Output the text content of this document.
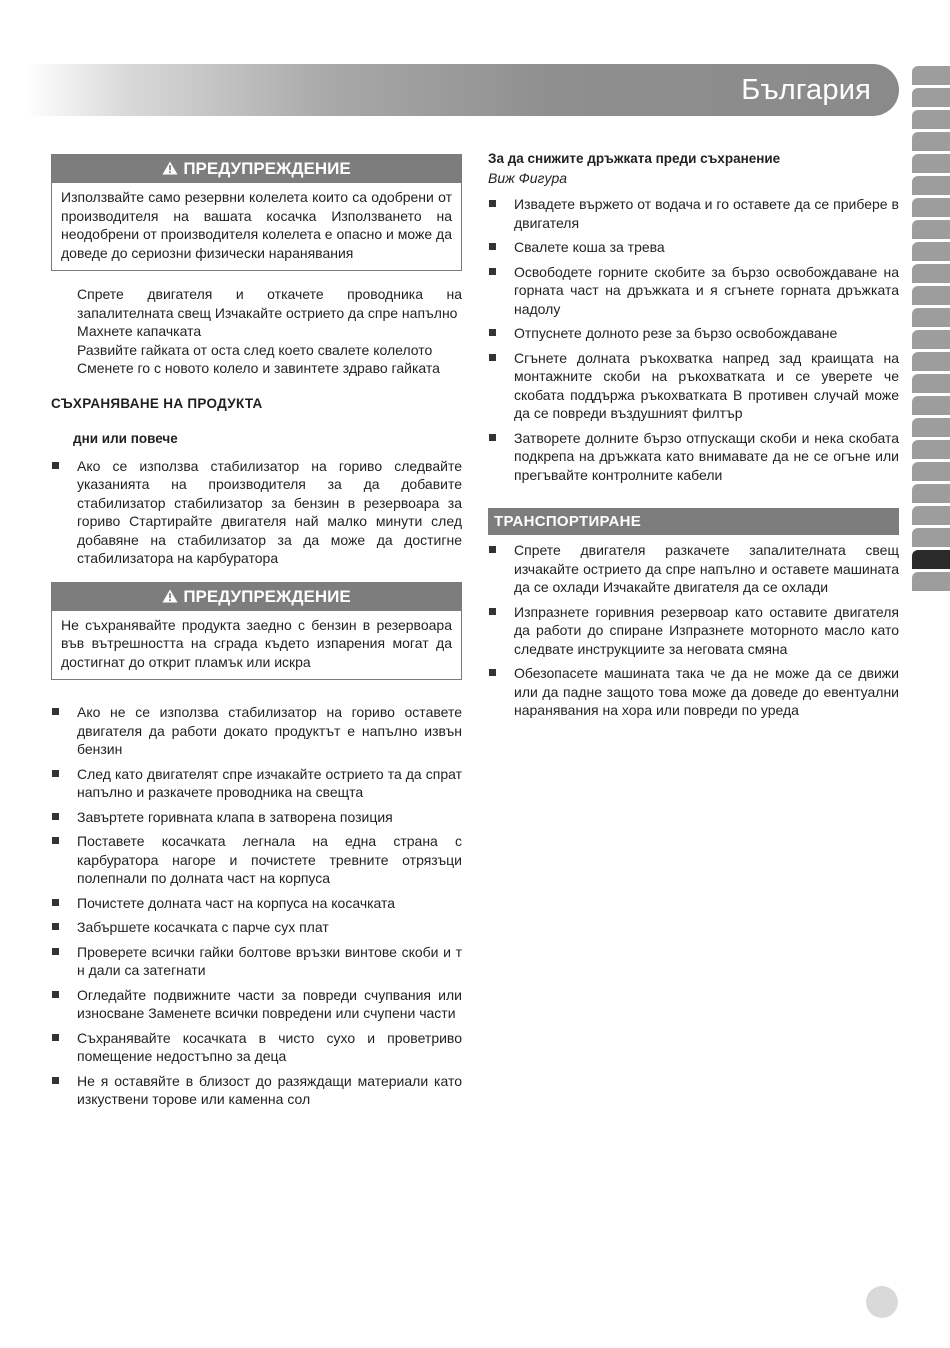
България
ПРЕДУПРЕЖДЕНИЕ
Използвайте само резервни колелета които са одобрени от производителя на вашата косачка Използването на неодобрени от производителя колелета е опасно и може да доведе до сериозни физически наранявания

Спрете двигателя и откачете проводника на запалителната свещ Изчакайте острието да спре напълно

Махнете капачката

Развийте гайката от оста след което свалете колелото

Сменете го с новото колело и завинтете здраво гайката

СЪХРАНЯВАНЕ НА ПРОДУКТА
дни или повече
Ако се използва стабилизатор на гориво следвайте указанията на производителя за да добавите стабилизатор стабилизатор за бензин в резервоара за гориво Стартирайте двигателя най малко минути след добавяне на стабилизатор за да може да достигне стабилизатора на карбуратора
ПРЕДУПРЕЖДЕНИЕ
Не съхранявайте продукта заедно с бензин в резервоара във вътрешността на сграда където изпарения могат да достигнат до открит пламък или искра
Ако не се използва стабилизатор на гориво оставете двигателя да работи докато продуктът е напълно извън бензин
След като двигателят спре изчакайте острието та да спрат напълно и разкачете проводника на свещта
Завъртете горивната клапа в затворена позиция
Поставете косачката легнала на една страна с карбуратора нагоре и почистете тревните отрязъци полепнали по долната част на корпуса
Почистете долната част на корпуса на косачката
Забършете косачката с парче сух плат
Проверете всички гайки болтове връзки винтове скоби и т н дали са затегнати
Огледайте подвижните части за повреди счупвания или износване Заменете всички повредени или счупени части
Съхранявайте косачката в чисто сухо и проветриво помещение недостъпно за деца
Не я оставяйте в близост до разяждащи материали като изкуствени торове или каменна сол
За да снижите дръжката преди съхранение
Виж Фигура
Извадете вържето от водача и го оставете да се прибере в двигателя
Свалете коша за трева
Освободете горните скобите за бързо освобождаване на горната част на дръжката и я сгънете горната дръжката надолу
Отпуснете долното резе за бързо освобождаване
Сгънете долната ръкохватка напред зад краищата на монтажните скоби на ръкохватката и се уверете че скобата поддържа ръкохватката В противен случай може да се повреди въздушният филтър
Затворете долните бързо отпускащи скоби и нека скобата подкрепа на дръжката като внимавате да не се огъне или прегъвайте контролните кабели
ТРАНСПОРТИРАНЕ
Спрете двигателя разкачете запалителната свещ изчакайте острието да спре напълно и оставете машината да се охлади Изчакайте двигателя да се охлади
Изпразнете горивния резервоар като оставите двигателя да работи до спиране Изпразнете моторното масло като следвате инструкциите за неговата смяна
Обезопасете машината така че да не може да се движи или да падне защото това може да доведе до евентуални наранявания на хора или повреди по уреда
